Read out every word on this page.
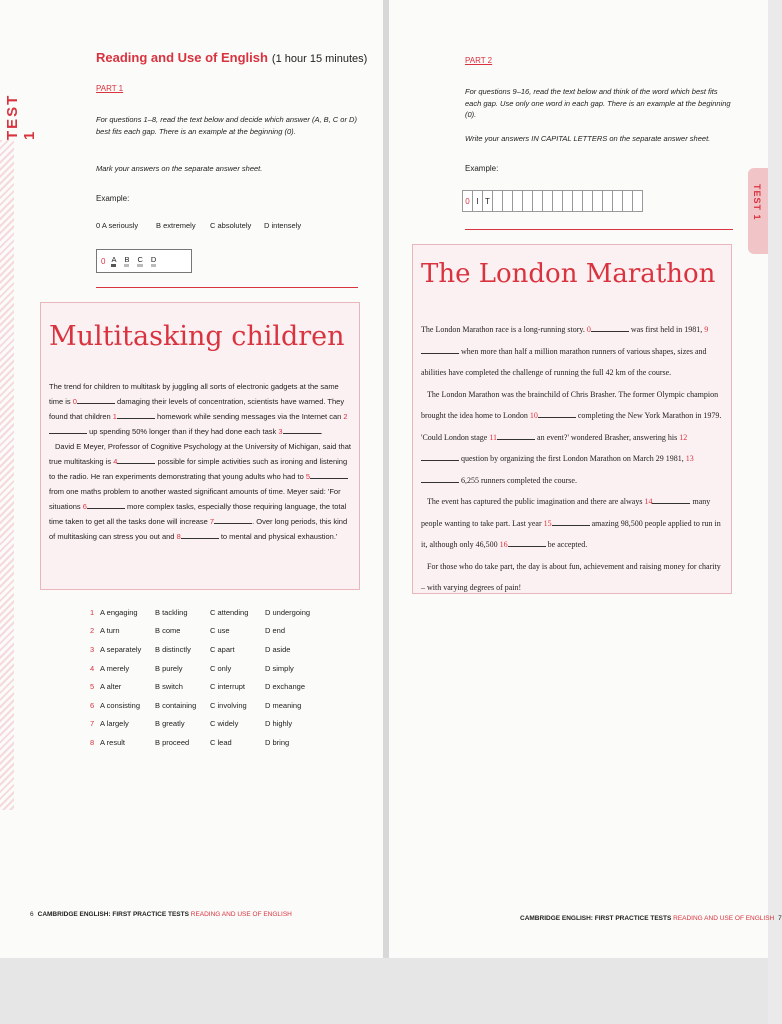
TEST 1
Reading and Use of English (1 hour 15 minutes)
PART 1
For questions 1–8, read the text below and decide which answer (A, B, C or D) best fits each gap. There is an example at the beginning (0).
Mark your answers on the separate answer sheet.
Example:
0 A seriously B extremely C absolutely D intensely
0 A B C D
Multitasking children

The trend for children to multitask by juggling all sorts of electronic gadgets at the same time is 0	damaging their levels of concentration, scientists have warned. They found that children 1	homework while sending messages via the Internet can 2 up spending 50% longer than if they had done each task 3	.

David E Meyer, Professor of Cognitive Psychology at the University of Michigan, said that true multitasking is 4	possible for simple activities such as ironing and listening to the radio. He ran experiments demonstrating that young adults who had to 5 from one maths problem to another wasted significant amounts of time. Meyer said: 'For situations 6	more complex tasks, especially those requiring language, the total time taken to get all the tasks done will increase 7	. Over long periods, this kind of multitasking can stress you out and 8	to mental and physical exhaustion.'

1 A engaging	B tackling	C attending	D undergoing
2 A turn	B come	C use	D end
3 A separately	B distinctly	C apart	D aside
4 A merely	B purely	C only	D simply
5 A alter	B switch	C interrupt	D exchange
6 A consisting	B containing	C involving	D meaning
7 A largely	B greatly	C widely	D highly
8 A result	B proceed	C lead	D bring
6 CAMBRIDGE ENGLISH: FIRST PRACTICE TESTS READING AND USE OF ENGLISH
TEST 1
PART 2
For questions 9–16, read the text below and think of the word which best fits each gap. Use only one word in each gap. There is an example at the beginning (0).
Write your answers IN CAPITAL LETTERS on the separate answer sheet.
Example:
0 I T
The London Marathon

The London Marathon race is a long-running story. 0	was first held in 1981, 9 when more than half a million marathon runners of various shapes, sizes and abilities have completed the challenge of running the full 42 km of the course.

The London Marathon was the brainchild of Chris Brasher. The former Olympic champion brought the idea home to London 10	completing the New York Marathon in 1979. 'Could London stage 11	an event?' wondered Brasher, answering his 12 question by organizing the first London Marathon on March 29 1981, 13 6,255 runners completed the course.

The event has captured the public imagination and there are always 14	many people wanting to take part. Last year 15	amazing 98,500 people applied to run in it, although only 46,500 16	be accepted.

For those who do take part, the day is about fun, achievement and raising money for charity – with varying degrees of pain!

CAMBRIDGE ENGLISH: FIRST PRACTICE TESTS READING AND USE OF ENGLISH 7
